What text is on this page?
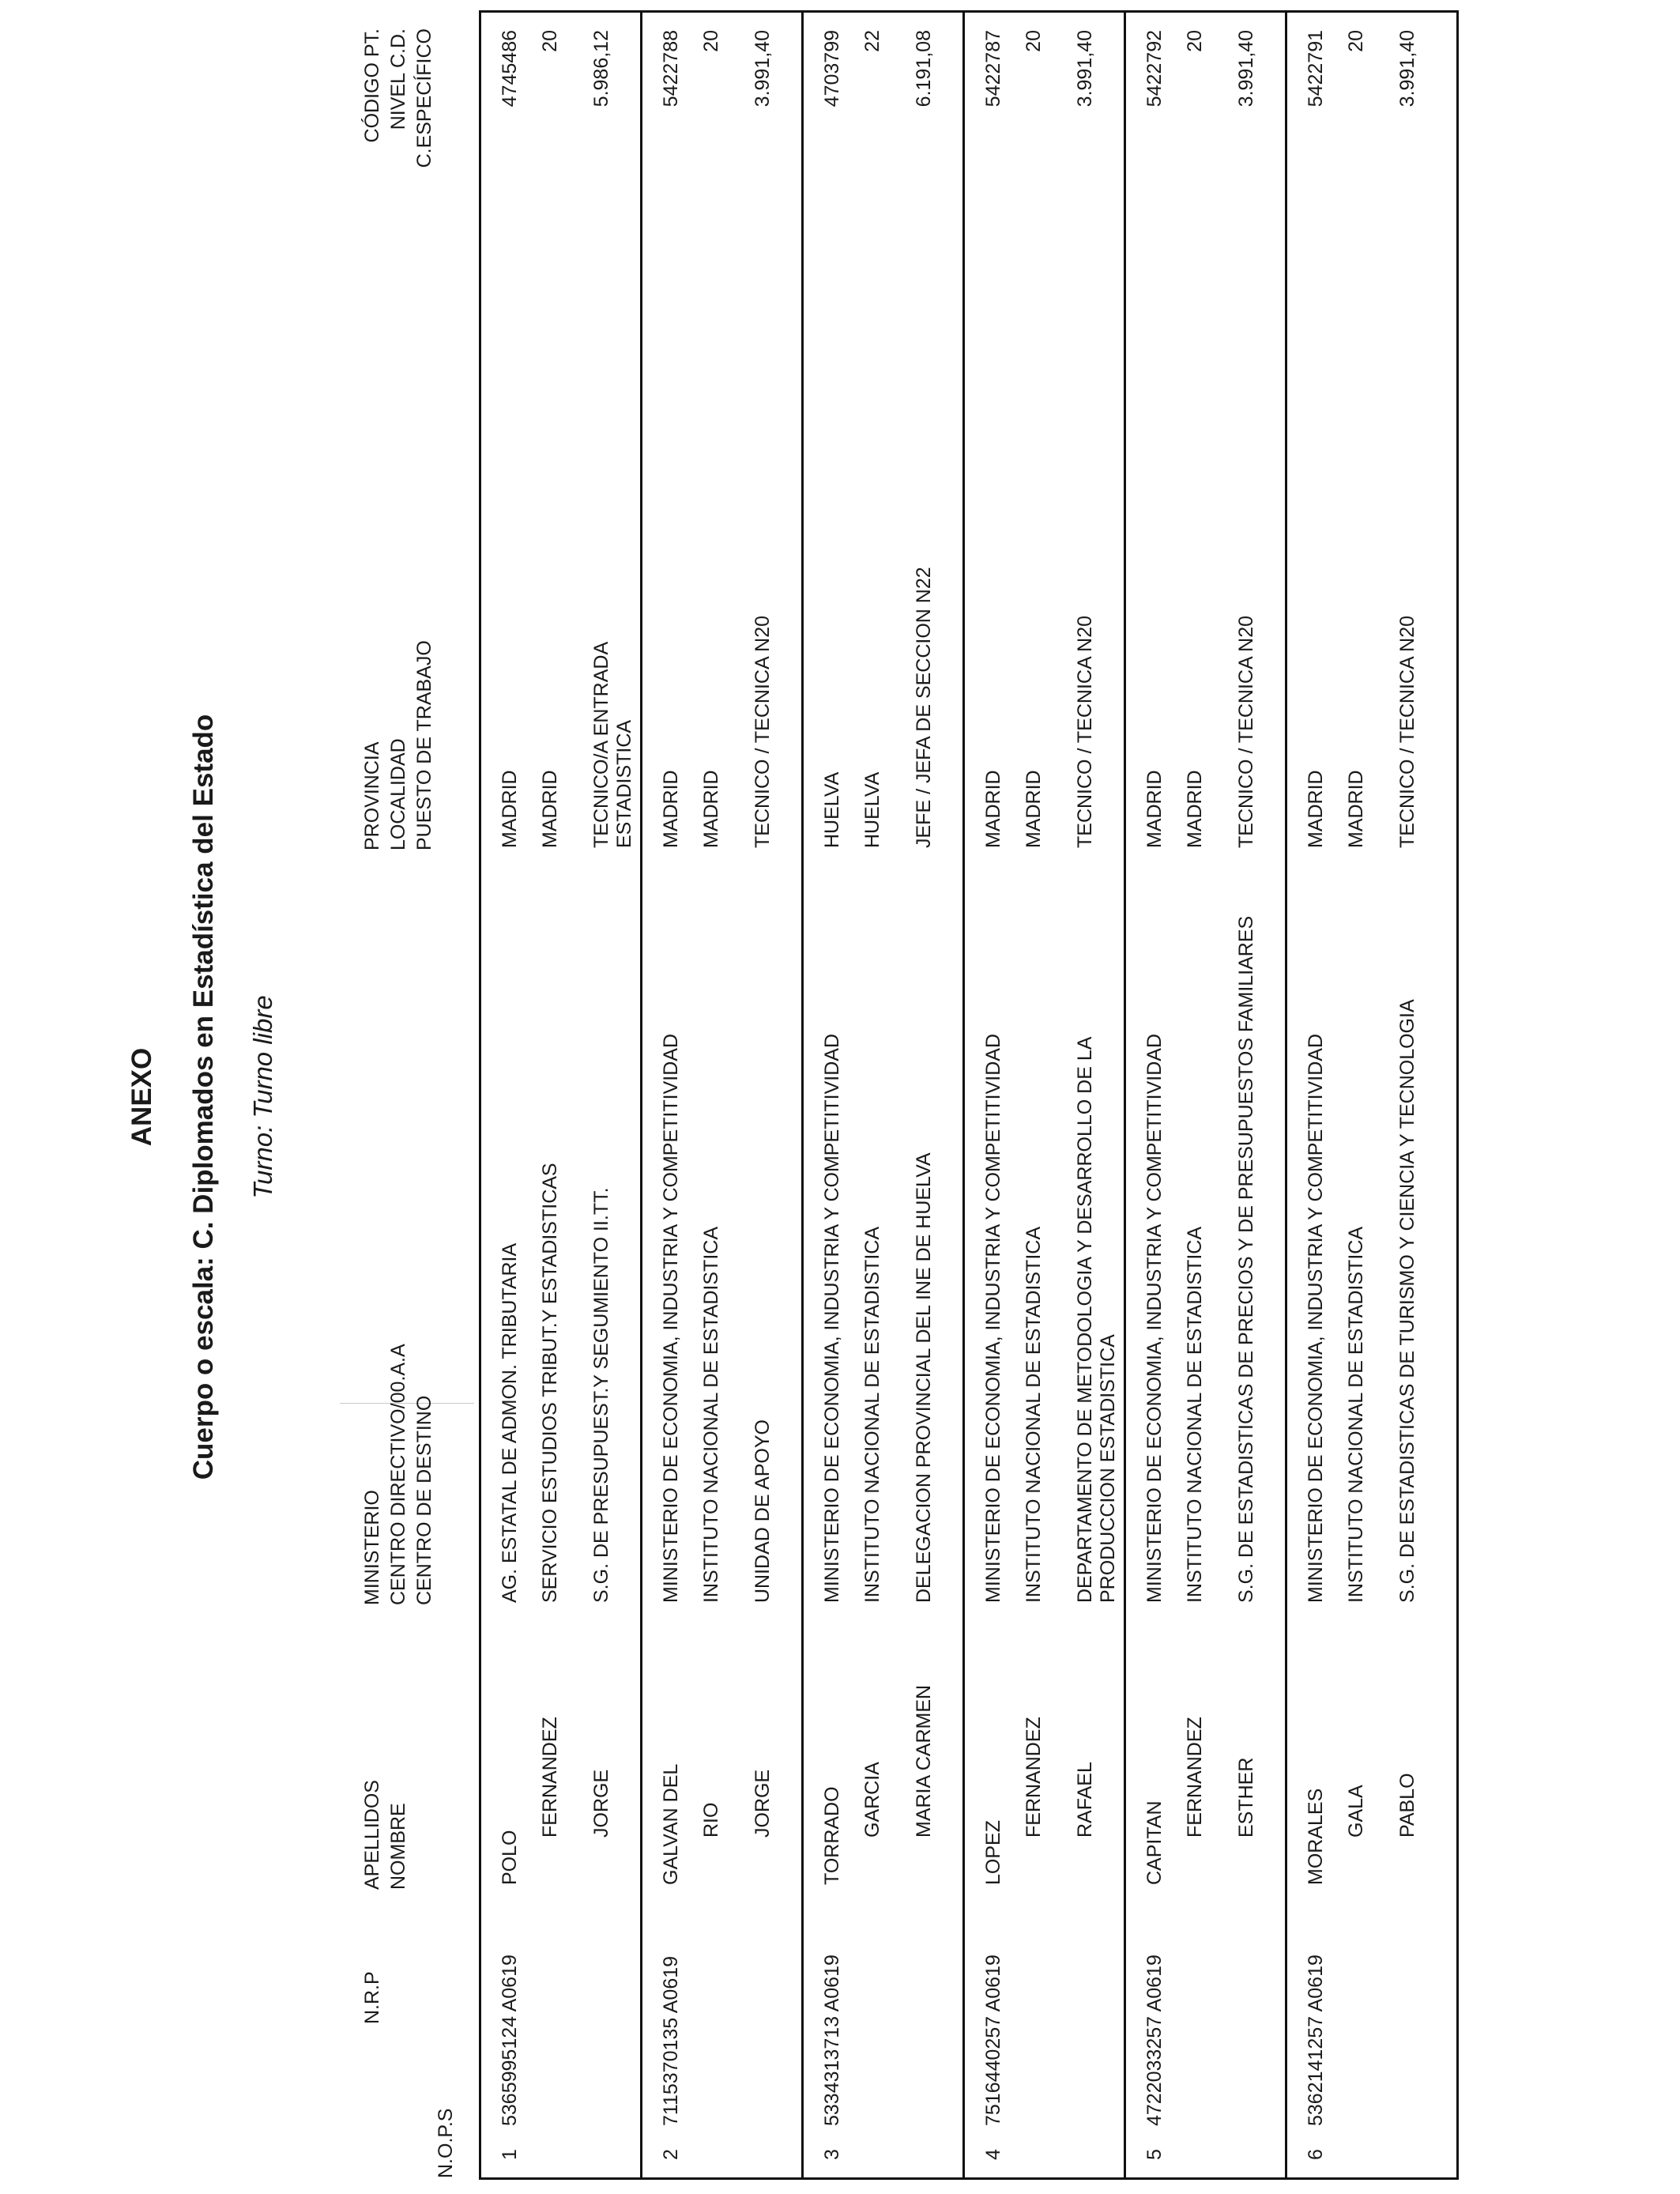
ANEXO Cuerpo o escala: C. Diplomados en Estadística del Estado Turno: Turno libre
N.O.P.S
N.R.P
APELLIDOS NOMBRE
MINISTERIO CENTRO DIRECTIVO/00.A.A CENTRO DE DESTINO
PROVINCIA LOCALIDAD PUESTO DE TRABAJO
CÓDIGO PT. NIVEL C.D. C.ESPECÍFICO
1
5365995124 A0619
POLO
FERNANDEZ JORGE
AG. ESTATAL DE ADMON. TRIBUTARIA SERVICIO ESTUDIOS TRIBUT.Y ESTADISTICAS S.G. DE PRESUPUEST.Y SEGUMIENTO II.TT.
MADRID MADRID TECNICO/A ENTRADA ESTADISTICA
4745486 20 5.986,12
2
7115370135 A0619
GALVAN DEL RIO JORGE
MINISTERIO DE ECONOMIA, INDUSTRIA Y COMPETITIVIDAD INSTITUTO NACIONAL DE ESTADISTICA UNIDAD DE APOYO
MADRID MADRID TECNICO / TECNICA N20
5422788 20 3.991,40
3
5334313713 A0619
TORRADO GARCIA MARIA CARMEN
MINISTERIO DE ECONOMIA, INDUSTRIA Y COMPETITIVIDAD INSTITUTO NACIONAL DE ESTADISTICA DELEGACION PROVINCIAL DEL INE DE HUELVA
HUELVA HUELVA JEFE / JEFA DE SECCION N22
4703799 22 6.191,08
4
7516440257 A0619
LOPEZ
FERNANDEZ RAFAEL
MINISTERIO DE ECONOMIA, INDUSTRIA Y COMPETITIVIDAD INSTITUTO NACIONAL DE ESTADISTICA DEPARTAMENTO DE METODOLOGIA Y DESARROLLO DE LA PRODUCCION ESTADISTICA
MADRID MADRID TECNICO / TECNICA N20
5422787 20 3.991,40
5
4722033257 A0619
CAPITAN
FERNANDEZ ESTHER
MINISTERIO DE ECONOMIA, INDUSTRIA Y COMPETITIVIDAD INSTITUTO NACIONAL DE ESTADISTICA S.G. DE ESTADISTICAS DE PRECIOS Y DE PRESUPUESTOS FAMILIARES
MADRID MADRID TECNICO / TECNICA N20
5422792 20 3.991,40
6
5362141257 A0619
MORALES GALA PABLO
MINISTERIO DE ECONOMIA, INDUSTRIA Y COMPETITIVIDAD INSTITUTO NACIONAL DE ESTADISTICA S.G. DE ESTADISTICAS DE TURISMO Y CIENCIA Y TECNOLOGIA
MADRID MADRID TECNICO / TECNICA N20
5422791 20 3.991,40
